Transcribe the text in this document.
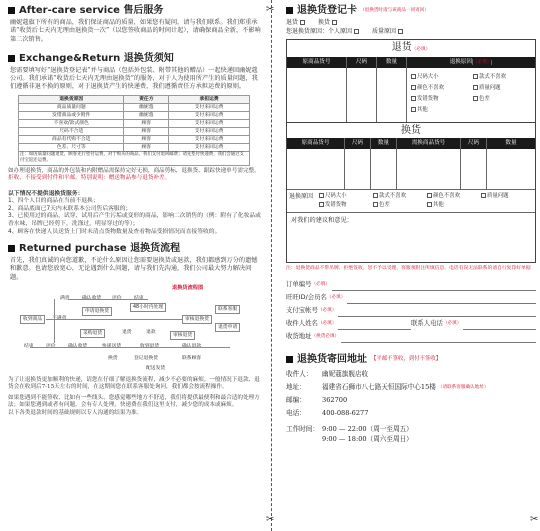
✂
✂	✂
After-care service 售后服务
幽妮蔻旗下所有的商品，我们保证商品的质量，如果您有疑问，请与我们联系。我们郑重承诺“收货后七天内无理由退换货一次”（以您签收商品的时间计起），请确保商品全新，不影响第二次销售。
Exchange&Return 退换货须知
您需要填写好“退换货登记表”并与商品（包括外包装、附带其他的赠品）一起快递回幽妮蔻公司。我们承诺“收货后七天内无理由退换货”的服务，对于人为使用所产生的质量问题，我们遵循非退不换的原则，对于退换货产生的快递费，我们遵循责任方承担运费的原则。
退换货原因	责任方	承担运费
商品质量问题	幽妮蔻	支付来回运费
发错商品或少附件	幽妮蔻	支付来回运费
不喜欢/款式颜色	顾客	支付来回运费
尺码不合适	顾客	支付来回运费
商品有代购不合适	顾客	支付来回运费
色差、尺寸等	顾客	支付来回运费
注：如因质量问题退货，顾客先行垫付运费，对于购买的商品，我们支付退回邮费；请先垫付快递费，我们会通过支付宝返还运费。		
如办理退换货，商品的外包装和内附赠品需保持完好无损，商品剪标，退换货、跟踪快递单号需完整。拒收、不接受到付件和平邮。特别说明：赠送物品参与退货补差。
以下情况不提供退换货服务：
1、四个人目的商品在当前不退换；
2、商品底面已7天内未联系本公司售后客服的；
3、已使用过的商品，试穿、试用后产生污垢或变形的商品，影响二次销售的（例：附有了化妆品或香水味，吊牌已经剪下，洗涤过，明显穿过的等）；
4、顾客在快递人员送货上门时未清点货物数量及查看物品受损情况而直接签收的。
Returned purchase 退换货流程
首先，我们真诚的向您道歉，不论什么原因让您需要退换货或退款，我们都感到万分的遗憾和歉意。也请您放宽心，无论遇到什么问题，请与我们先沟通，我们公司最大努力解决问题。
退换货流程图
满意	确认收货	评价	结束
收到商品	不满意
申请退换货
48小时内处理
审核退换货
联系客服
退货申请
采购退货	退货	退款
审核退货
结束	评价	确认收货	快递送货	收到退货	确认退款
换货	登记退换货	联系顾客
配送发货
为了让退换货更加顺利的快递，请您在仔细了解退换货流程，减少不必要的麻烦。一般情况下退款、退货会在收到后7-15天左右的时间，在这期间您在联系客服处询问，我们都会按流程操作。
如果您遇到不能签收、比如有一些线头、您感觉哪些地方不舒适，我们将提供最便利和最合适的处理方法；如果您遇到或者有问题，会有专人处理，快递费在我们这里支付，减少您的成本或麻烦。
以下各类退款时间的基础规则以专人沟通的结果为准。
退换货登记卡 （退换货时请与该商品一同寄回）
退货	换货
您退换货原因：个人原因	质量原因
退货（必填）
原商品货号	尺码	数量	退换原因（必填）
尺码大小	款式不喜欢
颜色不喜欢	质量问题
发错货物	色差
其他
换货
原商品货号	尺码	数量	需换商品货号	尺码	数量
退换原因	尺码大小	款式不喜欢	颜色不喜欢	质量问题
发错货物	色差	其他
对我们的建议和意见：
注：退换货商品不带吊牌、拒绝签收，恕不予以受理，客服须附注所填信息，电话有误无法联系的请自行复印好单据
订单编号 （必填）
旺旺ID/会员名 （必填）
支付宝帐号 （必填）
收件人姓名 （必填）	联系人电话 （必填）
收货地址 （换货必填）
退换货寄回地址 【平邮不签收，到付不签收】
收件人：	幽妮蔻旗舰店收
地址：	福建省石狮市八七路天恒国际中心15楼 （请联系客服确认地址）
邮编：	362700
电话：	400-088-6277
工作时间： 9:00 — 22:00（周一至周五）
9:00 — 18:00（周六至周日）
